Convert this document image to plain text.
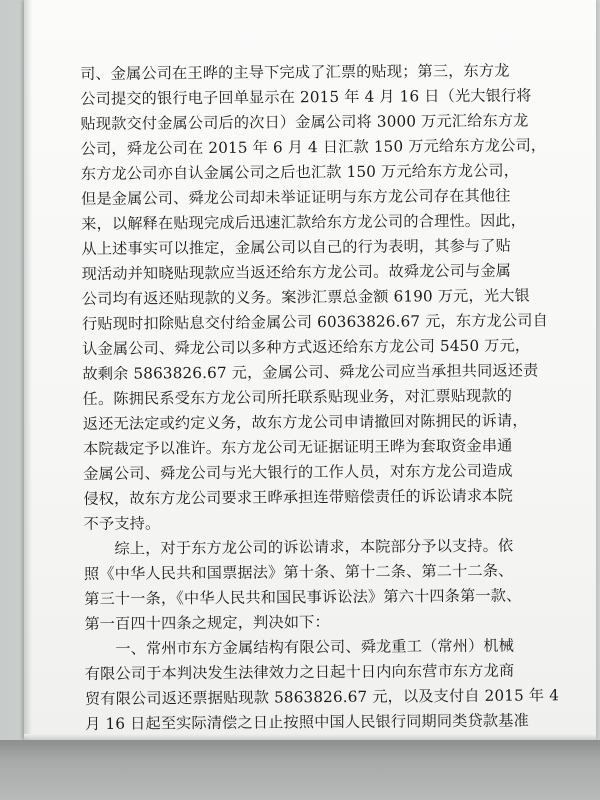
司、金属公司在王晔的主导下完成了汇票的贴现；第三，东方龙
公司提交的银行电子回单显示在 2015 年 4 月 16 日（光大银行将
贴现款交付金属公司后的次日）金属公司将 3000 万元汇给东方龙
公司，舜龙公司在 2015 年 6 月 4 日汇款 150 万元给东方龙公司，
东方龙公司亦自认金属公司之后也汇款 150 万元给东方龙公司，
但是金属公司、舜龙公司却未举证证明与东方龙公司存在其他往
来，以解释在贴现完成后迅速汇款给东方龙公司的合理性。因此，
从上述事实可以推定，金属公司以自己的行为表明，其参与了贴
现活动并知晓贴现款应当返还给东方龙公司。故舜龙公司与金属
公司均有返还贴现款的义务。案涉汇票总金额 6190 万元，光大银
行贴现时扣除贴息交付给金属公司 60363826.67 元，东方龙公司自
认金属公司、舜龙公司以多种方式返还给东方龙公司 5450 万元，
故剩余 5863826.67 元，金属公司、舜龙公司应当承担共同返还责
任。陈拥民系受东方龙公司所托联系贴现业务，对汇票贴现款的
返还无法定或约定义务，故东方龙公司申请撤回对陈拥民的诉请，
本院裁定予以准许。东方龙公司无证据证明王晔为套取资金串通
金属公司、舜龙公司与光大银行的工作人员，对东方龙公司造成
侵权，故东方龙公司要求王晔承担连带赔偿责任的诉讼请求本院
不予支持。
　　综上，对于东方龙公司的诉讼请求，本院部分予以支持。依
照《中华人民共和国票据法》第十条、第十二条、第二十二条、
第三十一条，《中华人民共和国民事诉讼法》第六十四条第一款、
第一百四十四条之规定，判决如下：
　　一、常州市东方金属结构有限公司、舜龙重工（常州）机械
有限公司于本判决发生法律效力之日起十日内向东营市东方龙商
贸有限公司返还票据贴现款 5863826.67 元，以及支付自 2015 年 4
月 16 日起至实际清偿之日止按照中国人民银行同期同类贷款基准
